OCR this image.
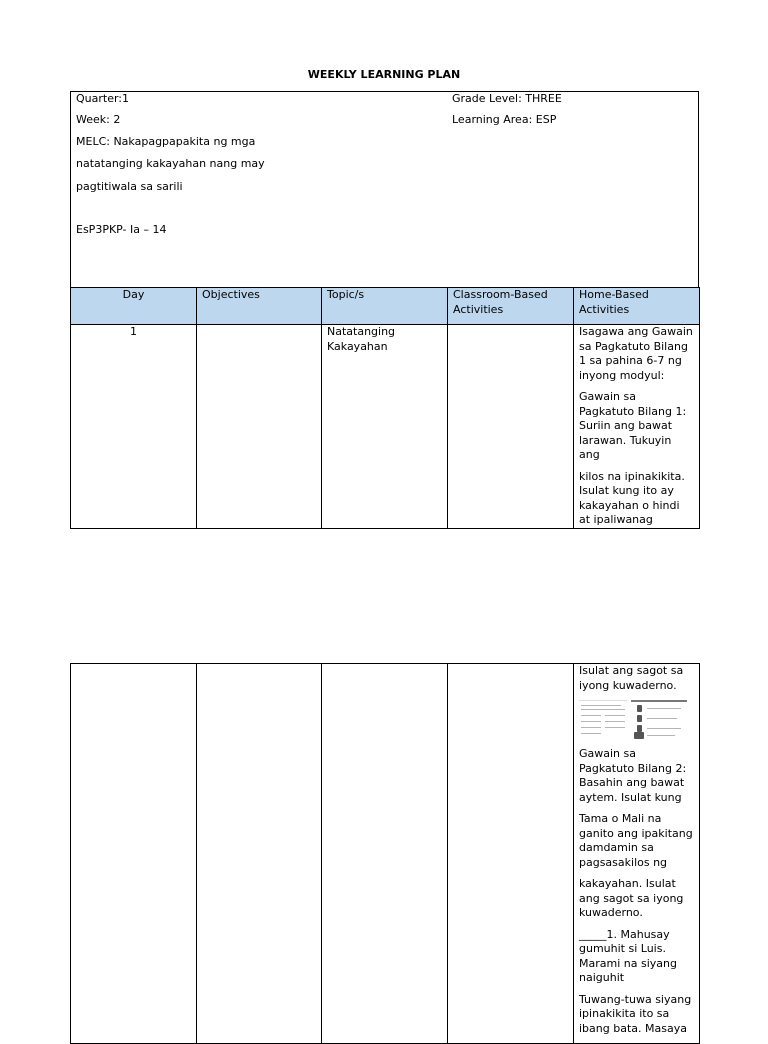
WEEKLY LEARNING PLAN
Quarter:1
Week: 2
MELC: Nakapagpapakita ng mga
natatanging kakayahan nang may
pagtitiwala sa sarili
EsP3PKP- Ia – 14
Grade Level: THREE
Learning Area: ESP
Day	Objectives	Topic/s	Classroom-Based Activities	Home-Based Activities
1		Natatanging Kakayahan		Isagawa ang Gawain sa Pagkatuto Bilang 1 sa pahina 6-7 ng inyong modyul:

Gawain sa Pagkatuto Bilang 1: Suriin ang bawat larawan. Tukuyin ang

kilos na ipinakikita. Isulat kung ito ay kakayahan o hindi at ipaliwanag

Isulat ang sagot sa iyong kuwaderno.

Gawain sa Pagkatuto Bilang 2: Basahin ang bawat aytem. Isulat kung

Tama o Mali na ganito ang ipakitang damdamin sa pagsasakilos ng

kakayahan. Isulat ang sagot sa iyong kuwaderno.

_____1. Mahusay gumuhit si Luis. Marami na siyang naiguhit

Tuwang-tuwa siyang ipinakikita ito sa ibang bata. Masaya
